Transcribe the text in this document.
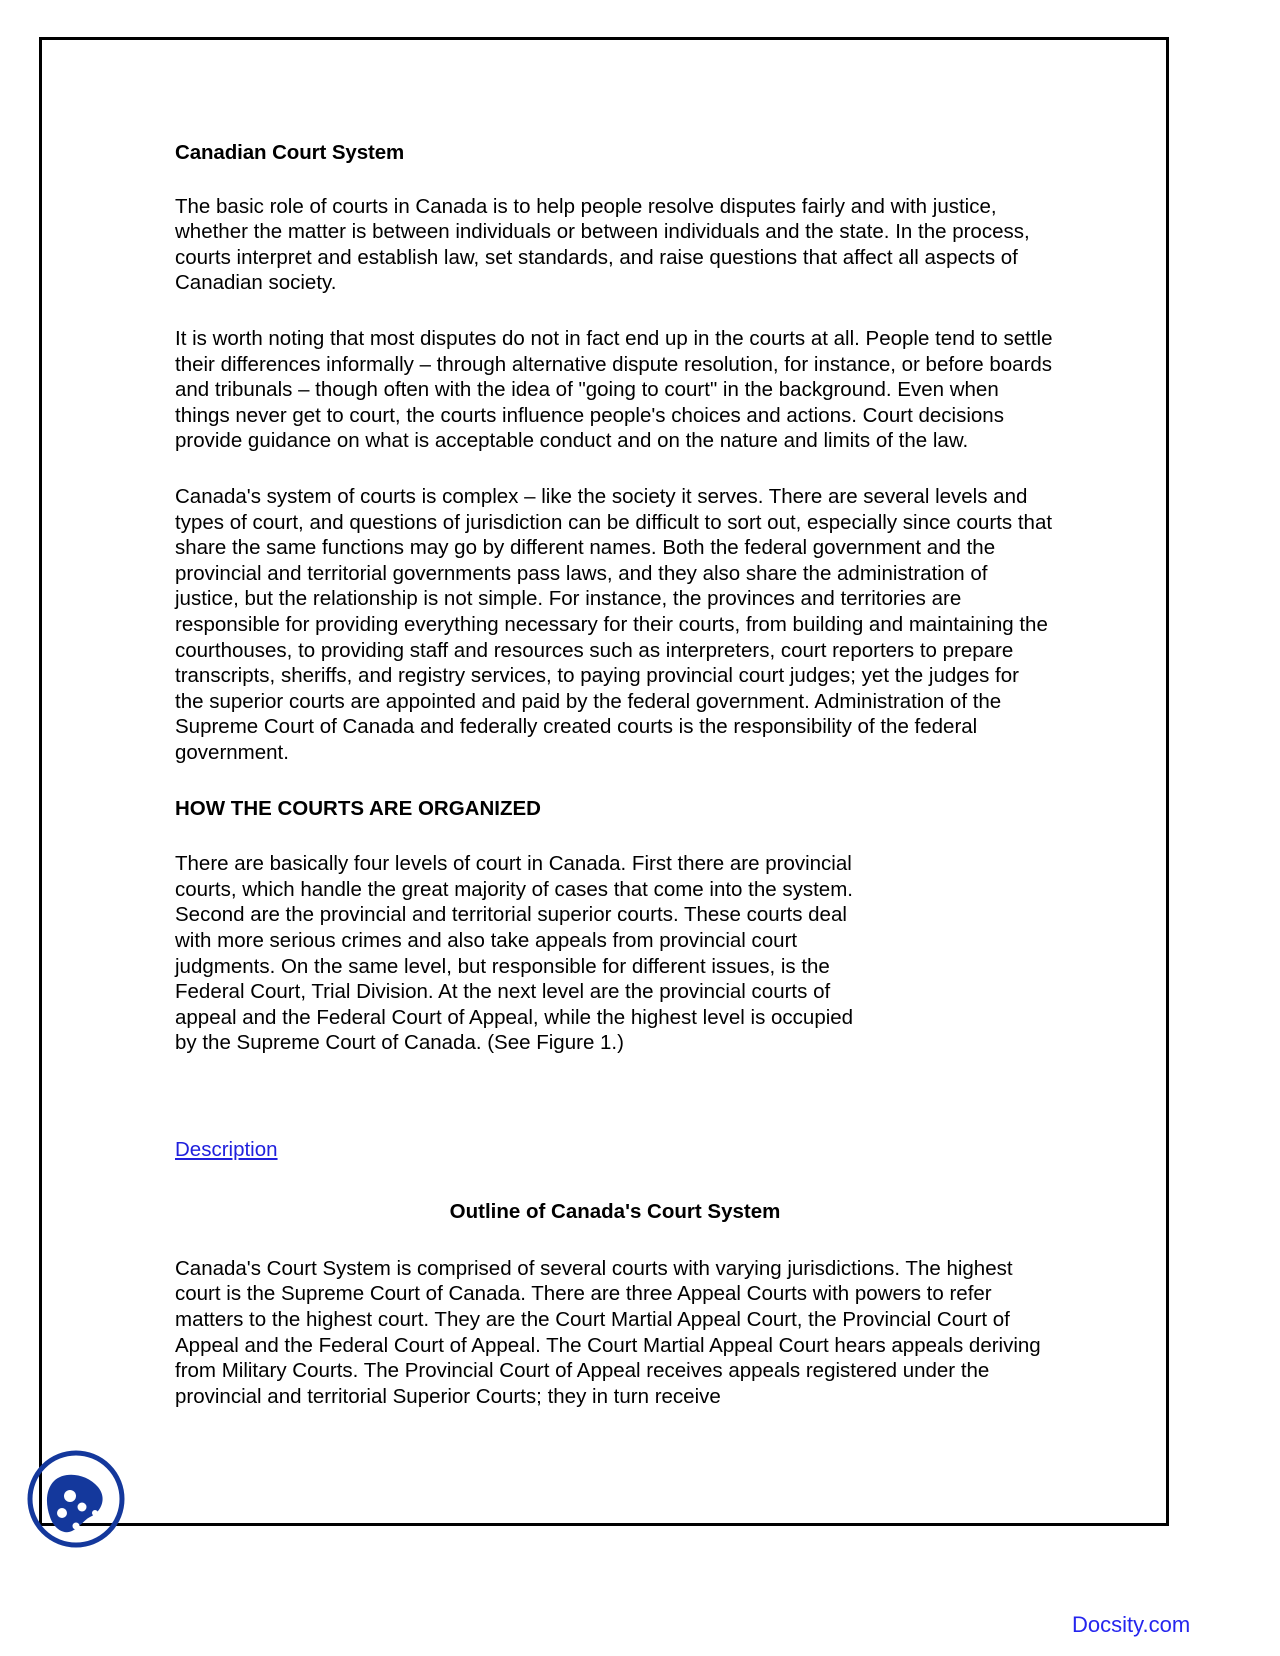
Canadian Court System

The basic role of courts in Canada is to help people resolve disputes fairly and with justice, whether the matter is between individuals or between individuals and the state. In the process, courts interpret and establish law, set standards, and raise questions that affect all aspects of Canadian society.

It is worth noting that most disputes do not in fact end up in the courts at all. People tend to settle their differences informally – through alternative dispute resolution, for instance, or before boards and tribunals – though often with the idea of "going to court" in the background. Even when things never get to court, the courts influence people's choices and actions. Court decisions provide guidance on what is acceptable conduct and on the nature and limits of the law.

Canada's system of courts is complex – like the society it serves. There are several levels and types of court, and questions of jurisdiction can be difficult to sort out, especially since courts that share the same functions may go by different names. Both the federal government and the provincial and territorial governments pass laws, and they also share the administration of justice, but the relationship is not simple. For instance, the provinces and territories are responsible for providing everything necessary for their courts, from building and maintaining the courthouses, to providing staff and resources such as interpreters, court reporters to prepare transcripts, sheriffs, and registry services, to paying provincial court judges; yet the judges for the superior courts are appointed and paid by the federal government. Administration of the Supreme Court of Canada and federally created courts is the responsibility of the federal government.

HOW THE COURTS ARE ORGANIZED

There are basically four levels of court in Canada. First there are provincial courts, which handle the great majority of cases that come into the system. Second are the provincial and territorial superior courts. These courts deal with more serious crimes and also take appeals from provincial court judgments. On the same level, but responsible for different issues, is the Federal Court, Trial Division. At the next level are the provincial courts of appeal and the Federal Court of Appeal, while the highest level is occupied by the Supreme Court of Canada. (See Figure 1.)

Description
Outline of Canada's Court System

Canada's Court System is comprised of several courts with varying jurisdictions. The highest court is the Supreme Court of Canada. There are three Appeal Courts with powers to refer matters to the highest court. They are the Court Martial Appeal Court, the Provincial Court of Appeal and the Federal Court of Appeal. The Court Martial Appeal Court hears appeals deriving from Military Courts. The Provincial Court of Appeal receives appeals registered under the provincial and territorial Superior Courts; they in turn receive

Docsity.com
